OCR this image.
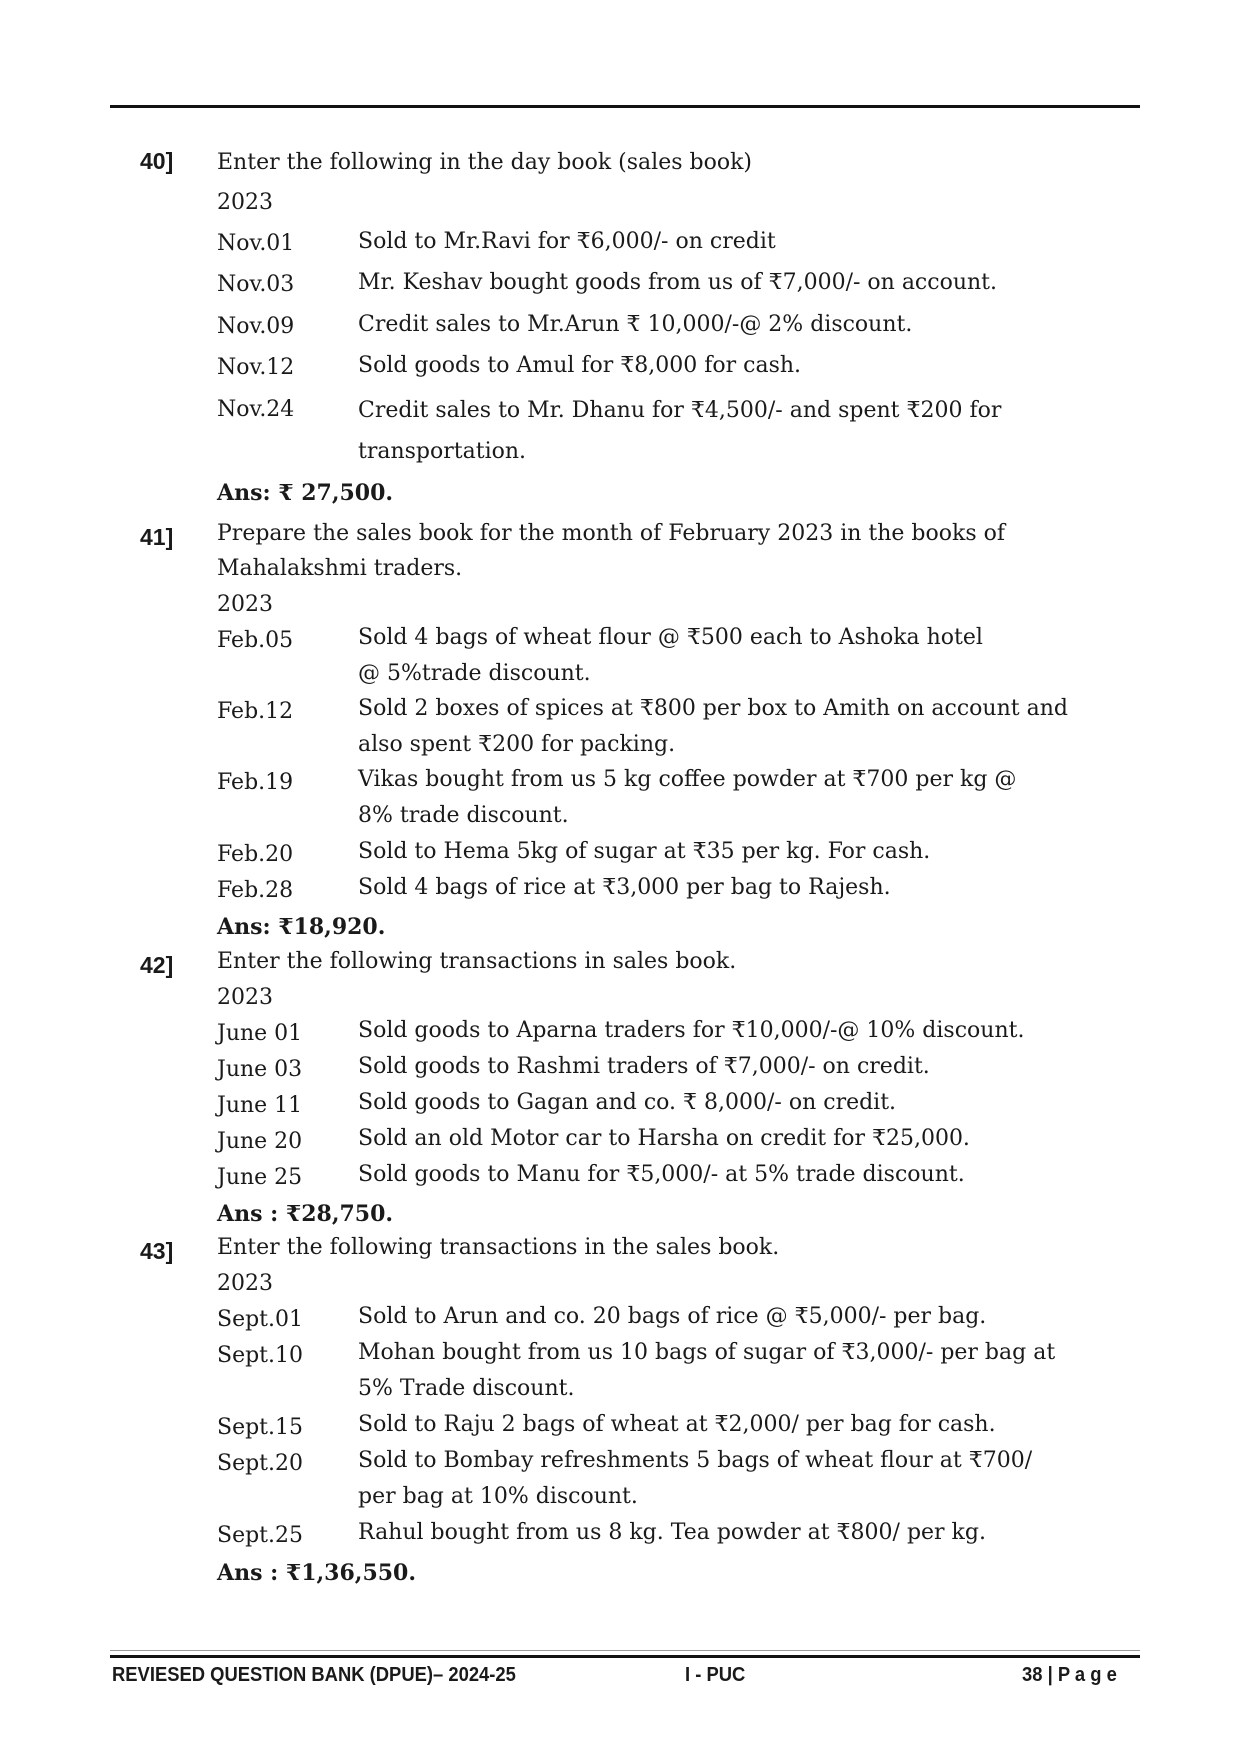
40] Enter the following in the day book (sales book)
2023
Nov.01	Sold to Mr.Ravi for ₹6,000/- on credit
Nov.03	Mr. Keshav bought goods from us of ₹7,000/- on account.
Nov.09	Credit sales to Mr.Arun ₹ 10,000/-@ 2% discount.
Nov.12	Sold goods to Amul for ₹8,000 for cash.
Nov.24	Credit sales to Mr. Dhanu for ₹4,500/- and spent ₹200 for transportation.
Ans: ₹ 27,500.
41] Prepare the sales book for the month of February 2023 in the books of Mahalakshmi traders.
2023
Feb.05	Sold 4 bags of wheat flour @ ₹500 each to Ashoka hotel @ 5%trade discount.
Feb.12	Sold 2 boxes of spices at ₹800 per box to Amith on account and also spent ₹200 for packing.
Feb.19	Vikas bought from us 5 kg coffee powder at ₹700 per kg @ 8% trade discount.
Feb.20	Sold to Hema 5kg of sugar at ₹35 per kg. For cash.
Feb.28	Sold 4 bags of rice at ₹3,000 per bag to Rajesh.
Ans: ₹18,920.
42] Enter the following transactions in sales book.
2023
June 01	Sold goods to Aparna traders for ₹10,000/-@ 10% discount.
June 03	Sold goods to Rashmi traders of ₹7,000/- on credit.
June 11	Sold goods to Gagan and co. ₹ 8,000/- on credit.
June 20	Sold an old Motor car to Harsha on credit for ₹25,000.
June 25	Sold goods to Manu for ₹5,000/- at 5% trade discount.
Ans : ₹28,750.
43] Enter the following transactions in the sales book.
2023
Sept.01 Sold to Arun and co. 20 bags of rice @ ₹5,000/- per bag.
Sept.10 Mohan bought from us 10 bags of sugar of ₹3,000/- per bag at 5% Trade discount.
Sept.15 Sold to Raju 2 bags of wheat at ₹2,000/ per bag for cash.
Sept.20 Sold to Bombay refreshments 5 bags of wheat flour at ₹700/ per bag at 10% discount.
Sept.25 Rahul bought from us 8 kg. Tea powder at ₹800/ per kg.
Ans : ₹1,36,550.
REVIESED QUESTION BANK (DPUE)– 2024-25	I - PUC	38 | P a g e
